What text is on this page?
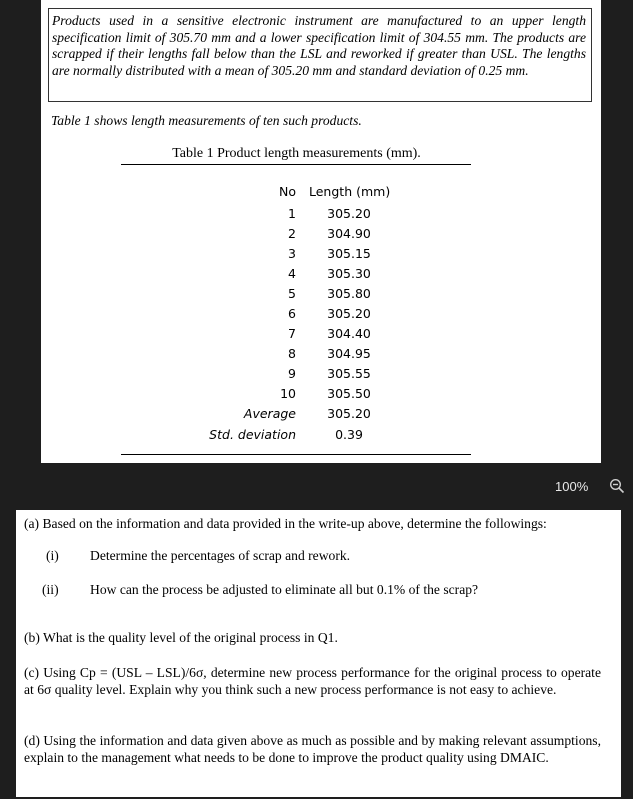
Products used in a sensitive electronic instrument are manufactured to an upper length specification limit of 305.70 mm and a lower specification limit of 304.55 mm. The products are scrapped if their lengths fall below than the LSL and reworked if greater than USL. The lengths are normally distributed with a mean of 305.20 mm and standard deviation of 0.25 mm.
Table 1 shows length measurements of ten such products.
Table 1 Product length measurements (mm).
No Length (mm)
1	305.20
2	304.90
3	305.15
4	305.30
5	305.80
6	305.20
7	304.40
8	304.95
9	305.55
10	305.50
Average	305.20
Std. deviation	0.39
100%
(a) Based on the information and data provided in the write-up above, determine the followings:
(i) Determine the percentages of scrap and rework.
(ii) How can the process be adjusted to eliminate all but 0.1% of the scrap?
(b) What is the quality level of the original process in Q1.
(c) Using Cp = (USL – LSL)/6σ, determine new process performance for the original process to operate at 6σ quality level. Explain why you think such a new process performance is not easy to achieve.
(d) Using the information and data given above as much as possible and by making relevant assumptions, explain to the management what needs to be done to improve the product quality using DMAIC.
